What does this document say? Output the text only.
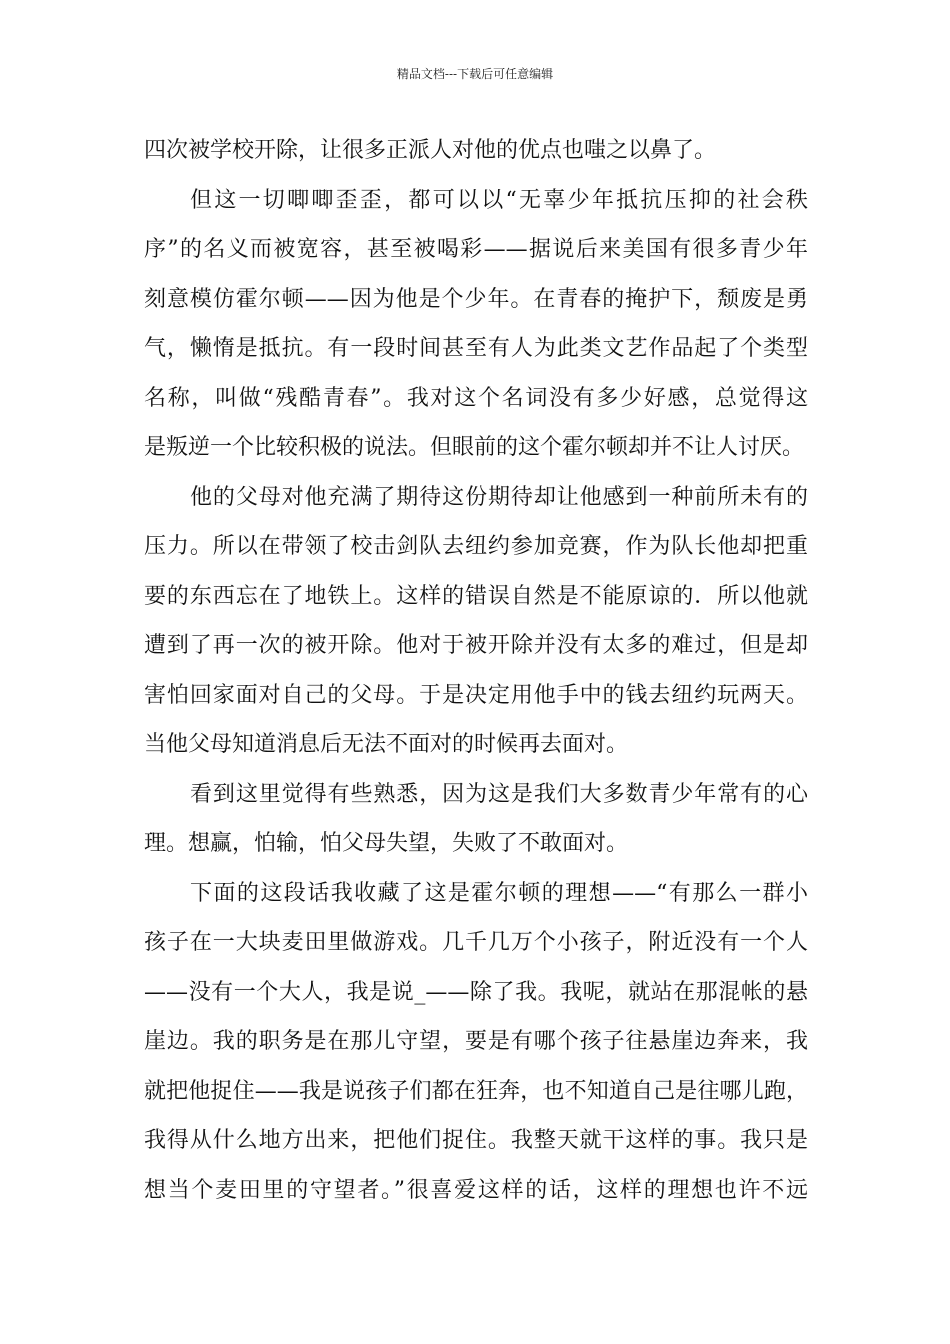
精品文档---下载后可任意编辑
四次被学校开除，让很多正派人对他的优点也嗤之以鼻了。
但这一切唧唧歪歪，都可以以“无辜少年抵抗压抑的社会秩
序”的名义而被宽容，甚至被喝彩——据说后来美国有很多青少年
刻意模仿霍尔顿——因为他是个少年。在青春的掩护下，颓废是勇
气，懒惰是抵抗。有一段时间甚至有人为此类文艺作品起了个类型
名称，叫做“残酷青春”。我对这个名词没有多少好感，总觉得这
是叛逆一个比较积极的说法。但眼前的这个霍尔顿却并不让人讨厌。
他的父母对他充满了期待这份期待却让他感到一种前所未有的
压力。所以在带领了校击剑队去纽约参加竞赛，作为队长他却把重
要的东西忘在了地铁上。这样的错误自然是不能原谅的．所以他就
遭到了再一次的被开除。他对于被开除并没有太多的难过，但是却
害怕回家面对自己的父母。于是决定用他手中的钱去纽约玩两天。
当他父母知道消息后无法不面对的时候再去面对。
看到这里觉得有些熟悉，因为这是我们大多数青少年常有的心
理。想赢，怕输，怕父母失望，失败了不敢面对。
下面的这段话我收藏了这是霍尔顿的理想——“有那么一群小
孩子在一大块麦田里做游戏。几千几万个小孩子，附近没有一个人
——没有一个大人，我是说_——除了我。我呢，就站在那混帐的悬
崖边。我的职务是在那儿守望，要是有哪个孩子往悬崖边奔来，我
就把他捉住——我是说孩子们都在狂奔，也不知道自己是往哪儿跑，
我得从什么地方出来，把他们捉住。我整天就干这样的事。我只是
想当个麦田里的守望者。”很喜爱这样的话，这样的理想也许不远
